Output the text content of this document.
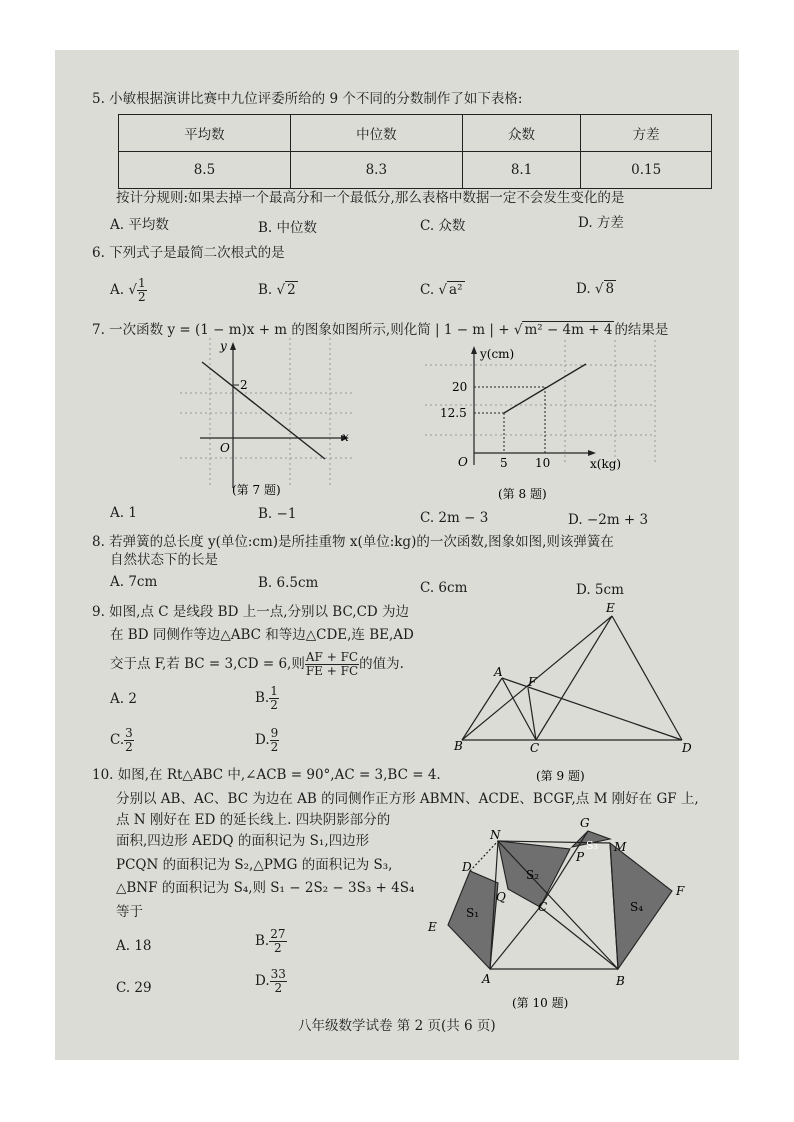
5. 小敏根据演讲比赛中九位评委所给的 9 个不同的分数制作了如下表格:
平均数	中位数	众数	方差
8.5	8.3	8.1	0.15
按计分规则:如果去掉一个最高分和一个最低分,那么表格中数据一定不会发生变化的是
A. 平均数	B. 中位数	C. 众数	D. 方差
6. 下列式子是最简二次根式的是
A. √ $\frac{1}{2}$	B. √ 2	C. √ a²	D. √ 8
7. 一次函数 y = (1 − m)x + m 的图象如图所示,则化简 | 1 − m | + √ m² − 4m + 4 的结果是
y
x
O
2
(第 7 题)
y(cm)
x(kg)
O
20
12.5
5 10
(第 8 题)
A. 1	B. −1	C. 2m − 3	D. −2m + 3
8. 若弹簧的总长度 y(单位:cm)是所挂重物 x(单位:kg)的一次函数,图象如图,则该弹簧在
自然状态下的长是
A. 7cm	B. 6.5cm	C. 6cm	D. 5cm
9. 如图,点 C 是线段 BD 上一点,分别以 BC,CD 为边
在 BD 同侧作等边△ABC 和等边△CDE,连 BE,AD
交于点 F,若 BC = 3,CD = 6,则 $\frac{AF + FC}{FE + FC}$ 的值为.
A. 2	B. $\frac{1}{2}$
C. $\frac{3}{2}$	D. $\frac{9}{2}$
E
A
F
B	C	D
(第 9 题)
10. 如图,在 Rt△ABC 中,∠ACB = 90°,AC = 3,BC = 4.
分别以 AB、AC、BC 为边在 AB 的同侧作正方形 ABMN、ACDE、BCGF,点 M 刚好在 GF 上,
点 N 刚好在 ED 的延长线上. 四块阴影部分的
面积,四边形 AEDQ 的面积记为 S₁,四边形
PCQN 的面积记为 S₂,△PMG 的面积记为 S₃,
△BNF 的面积记为 S₄,则 S₁ − 2S₂ − 3S₃ + 4S₄
等于
A. 18	B. $\frac{27}{2}$
C. 29	D. $\frac{33}{2}$
N
G
S₃ M
D
P
S₂
F
Q
C
S₁	S₄
E
A	B
(第 10 题)
八年级数学试卷 第 2 页(共 6 页)
